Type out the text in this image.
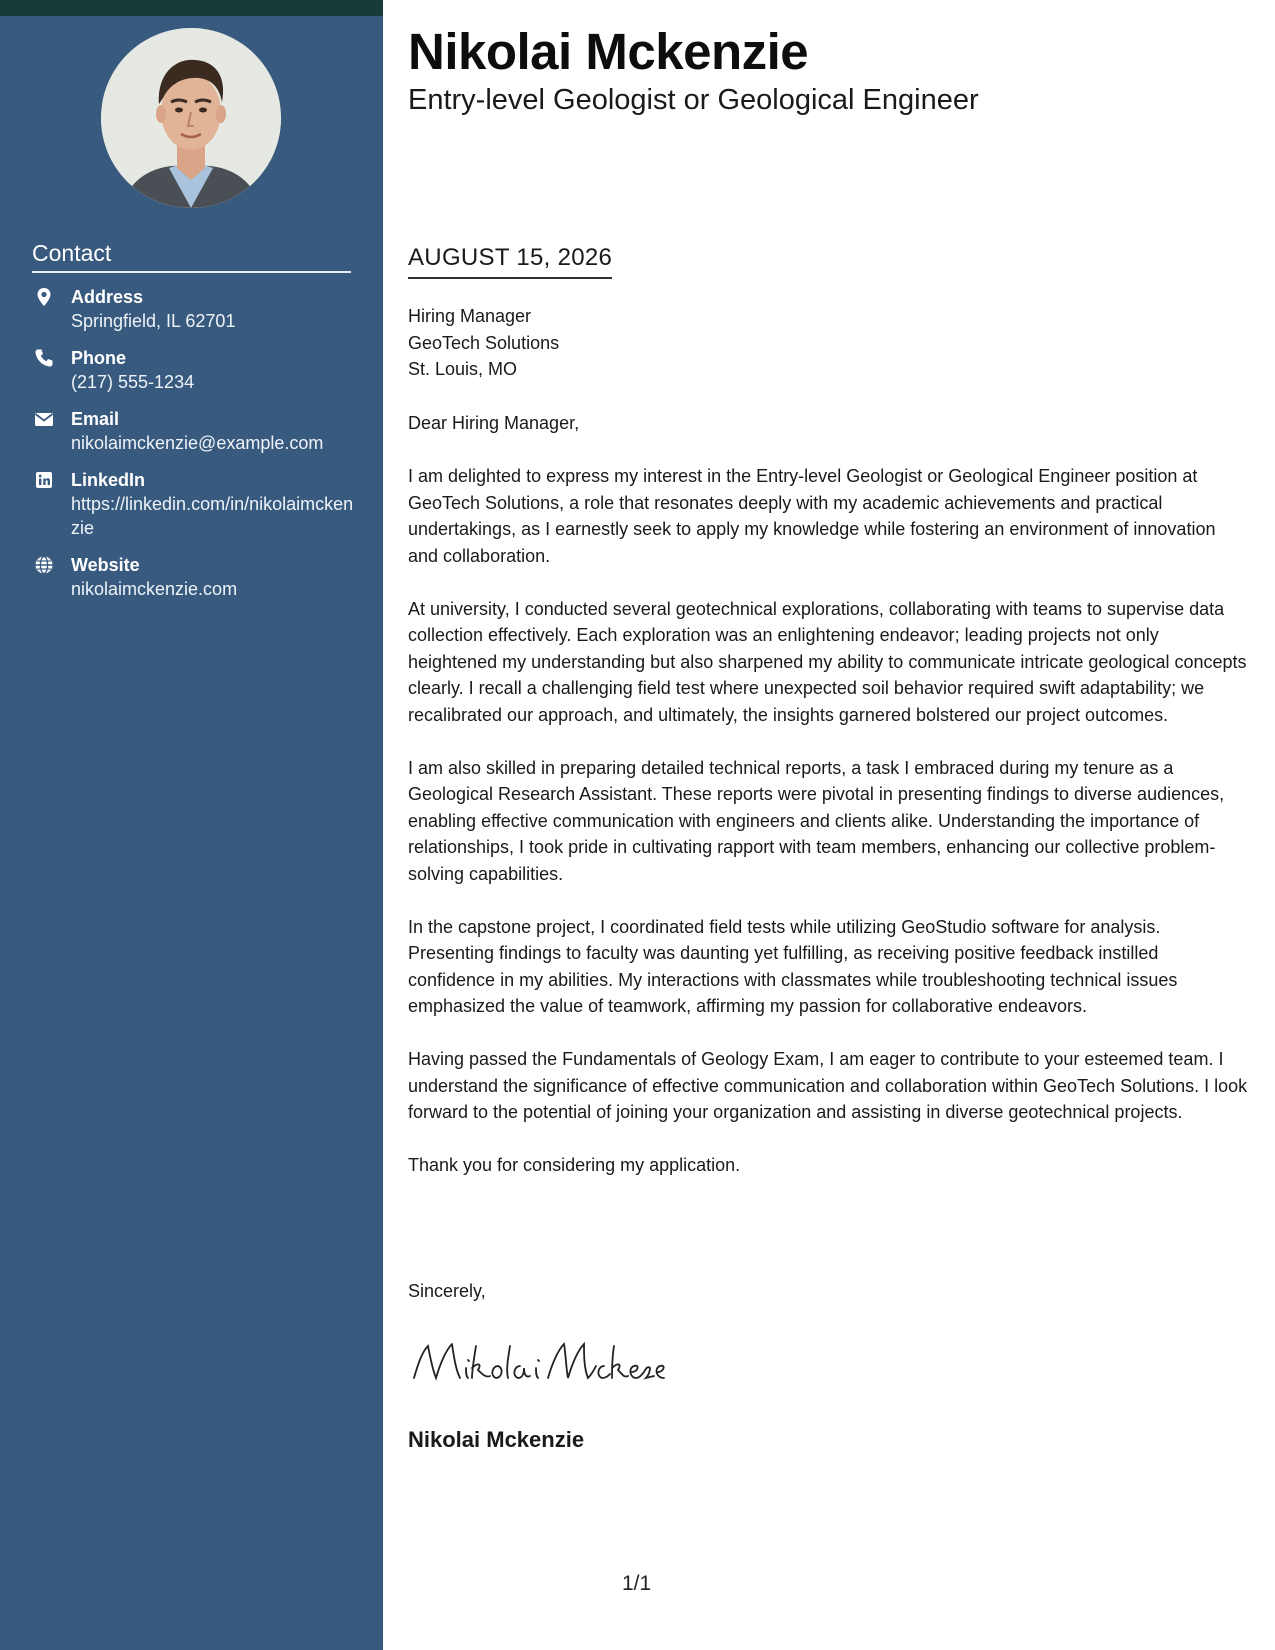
Contact
Address
Springfield, IL 62701
Phone
(217) 555-1234
Email
nikolaimckenzie@example.com
LinkedIn
https://linkedin.com/in/nikolaimckenzie
Website
nikolaimckenzie.com
Nikolai Mckenzie
Entry-level Geologist or Geological Engineer
AUGUST 15, 2026
Hiring Manager
GeoTech Solutions
St. Louis, MO

Dear Hiring Manager,

I am delighted to express my interest in the Entry-level Geologist or Geological Engineer position at GeoTech Solutions, a role that resonates deeply with my academic achievements and practical undertakings, as I earnestly seek to apply my knowledge while fostering an environment of innovation and collaboration.

At university, I conducted several geotechnical explorations, collaborating with teams to supervise data collection effectively. Each exploration was an enlightening endeavor; leading projects not only heightened my understanding but also sharpened my ability to communicate intricate geological concepts clearly. I recall a challenging field test where unexpected soil behavior required swift adaptability; we recalibrated our approach, and ultimately, the insights garnered bolstered our project outcomes.

I am also skilled in preparing detailed technical reports, a task I embraced during my tenure as a Geological Research Assistant. These reports were pivotal in presenting findings to diverse audiences, enabling effective communication with engineers and clients alike. Understanding the importance of relationships, I took pride in cultivating rapport with team members, enhancing our collective problem-solving capabilities.

In the capstone project, I coordinated field tests while utilizing GeoStudio software for analysis. Presenting findings to faculty was daunting yet fulfilling, as receiving positive feedback instilled confidence in my abilities. My interactions with classmates while troubleshooting technical issues emphasized the value of teamwork, affirming my passion for collaborative endeavors.

Having passed the Fundamentals of Geology Exam, I am eager to contribute to your esteemed team. I understand the significance of effective communication and collaboration within GeoTech Solutions. I look forward to the potential of joining your organization and assisting in diverse geotechnical projects.

Thank you for considering my application.

Sincerely,
Nikolai Mckenzie
1/1
